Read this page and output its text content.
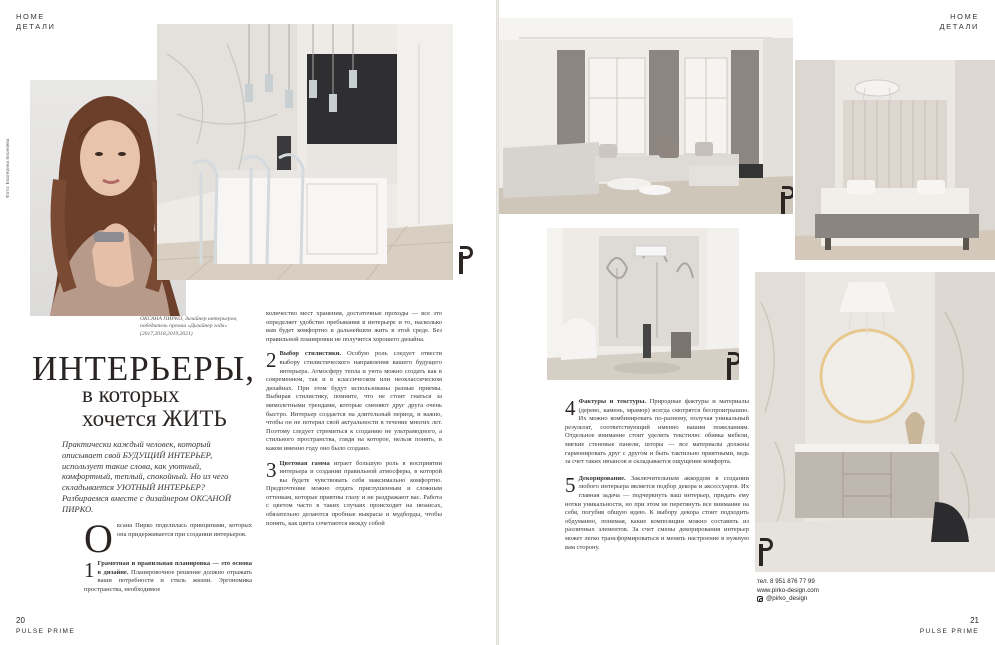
HOME
ДЕТАЛИ
Фото: Екатерина Киселева
ОКСАНА ПИРКО, дизайнер интерьеров,
победитель премии «Дизайнер года» (2017,2018,2019,2021)
ИНТЕРЬЕРЫ,
в которых
хочется ЖИТЬ
Практически каждый человек, который описывает свой БУДУЩИЙ ИНТЕРЬЕР, использует такие слова, как уютный, комфортный, теплый, спокойный. Но из чего складывается УЮТНЫЙ ИНТЕРЬЕР? Разбираемся вместе с дизайнером ОКСАНОЙ ПИРКО.
Оксана Пирко поделилась принципами, которых она придерживается при создании интерьеров.
1 Грамотная и правильная планировка — это основа в дизайне. Планировочное решение должно отражать ваши потребности и стиль жизни. Эргономика пространства, необходимое
количество мест хранения, достаточные проходы — все это определяет удобство пребывания в интерьере и то, насколько вам будет комфортно в дальнейшем жить в этой среде. Без правильной планировки не получится хорошего дизайна.
2 Выбор стилистики. Особую роль следует отвести выбору стилистического направления вашего будущего интерьера. Атмосферу тепла и уюта можно создать как в современном, так и в классическом или неоклассическом дизайнах. При этом будут использованы разные приемы. Выбирая стилистику, помните, что не стоит гнаться за мимолетными трендами, которые сменяют друг друга очень быстро. Интерьер создается на длительный период, и важно, чтобы он не потерял свой актуальности в течение многих лет. Поэтому следует стремиться к созданию не ультрамодного, а стильного пространства, глядя на которое, нельзя понять, в каком именно году оно было создано.
3 Цветовая гамма играет большую роль в восприятии интерьера и создании правильной атмосферы, в которой вы будете чувствовать себя максимально комфортно. Предпочтение можно отдать приглушенным и сложным оттенкам, которые приятны глазу и не раздражают вас. Работа с цветом часто в таких случаях происходит на нюансах, обязательно делаются пробные выкрасы и мудборды, чтобы понять, как цвета сочетаются между собой
20
PULSE PRIME
HOME
ДЕТАЛИ
4 Фактуры и текстуры. Природные фактуры и материалы (дерево, камень, мрамор) всегда смотрятся беспроигрышно. Их можно комбинировать по-разному, получая уникальный результат, соответствующий именно вашим пожеланиям. Отдельное внимание стоит уделить текстилю: обивка мебели, мягкие стеновые панели, шторы — все материалы должны гармонировать друг с другом и быть тактильно приятными, ведь за счет таких нюансов и складывается ощущение комфорта.
5 Декорирование. Заключительным аккордом в создании любого интерьера является подбор декора и аксессуаров. Их главная задача — подчеркнуть ваш интерьер, придать ему нотки уникальности, но при этом не перетянуть все внимание на себя, погубив общую идею. К выбору декора стоит подходить обдуманно, понимая, какие композиции можно составить из различных элементов. За счет смены декорирования интерьер может легко трансформироваться и менять настроение в нужную вам сторону.
21
PULSE PRIME
тел. 8 951 876 77 99
www.pirko-design.com
@pirko_design
